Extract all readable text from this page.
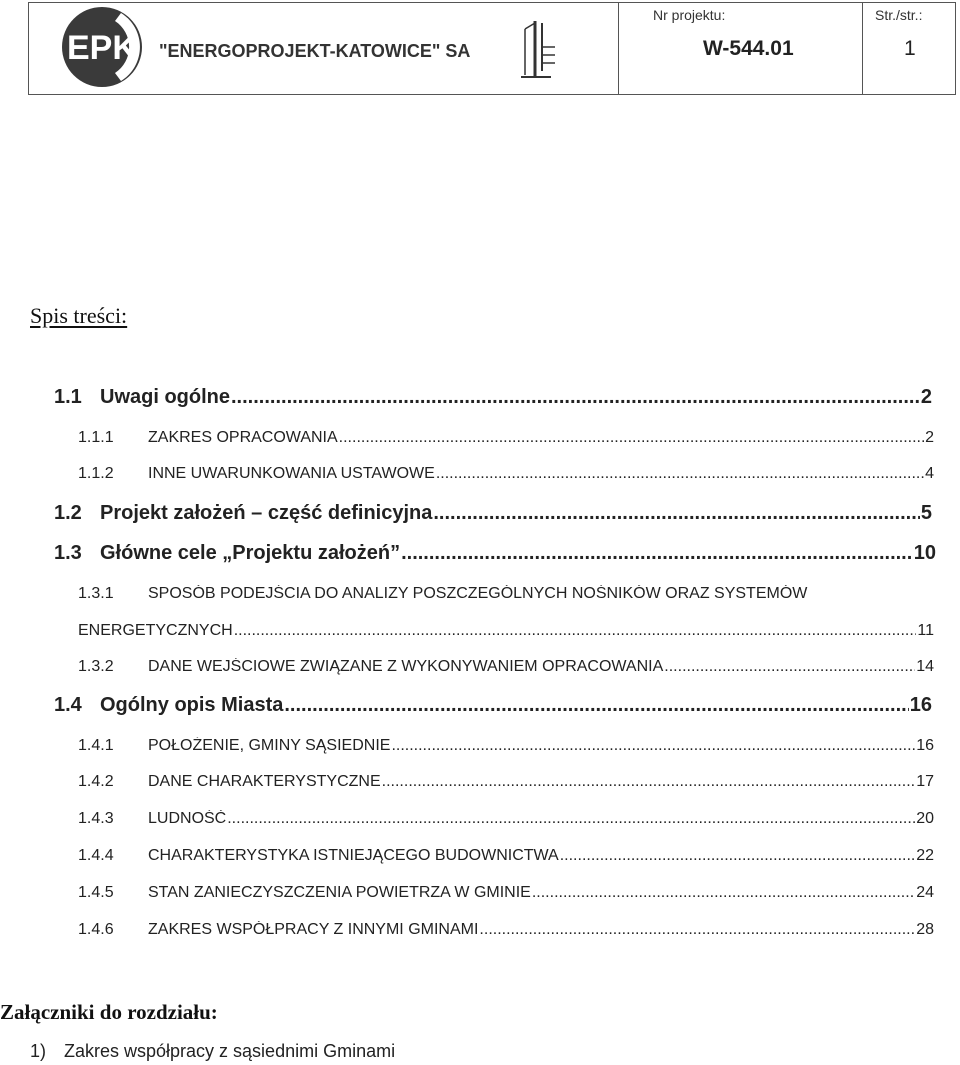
EPK "ENERGOPROJEKT-KATOWICE" SA
Nr projektu:
W-544.01
Str./str.:
1
Spis treści:
1.1 Uwagi ogólne .....	2
1.1.1	ZAKRES OPRACOWANIA .....	2
1.1.2	INNE UWARUNKOWANIA USTAWOWE .....	4
1.2 Projekt założeń – część definicyjna .....	5
1.3 Główne cele „Projektu założeń” .....	10
1.3.1	SPOSÓB PODEJŚCIA DO ANALIZY POSZCZEGÓLNYCH NOŚNIKÓW ORAZ SYSTEMÓW
ENERGETYCZNYCH .....	11
1.3.2	DANE WEJŚCIOWE ZWIĄZANE Z WYKONYWANIEM OPRACOWANIA .....	14
1.4 Ogólny opis Miasta .....	16
1.4.1	POŁOŻENIE, GMINY SĄSIEDNIE .....	16
1.4.2	DANE CHARAKTERYSTYCZNE .....	17
1.4.3	LUDNOŚĆ .....	20
1.4.4	CHARAKTERYSTYKA ISTNIEJĄCEGO BUDOWNICTWA .....	22
1.4.5	STAN ZANIECZYSZCZENIA POWIETRZA W GMINIE .....	24
1.4.6	ZAKRES WSPÓŁPRACY Z INNYMI GMINAMI .....	28
Załączniki do rozdziału:
1) Zakres współpracy z sąsiednimi Gminami
